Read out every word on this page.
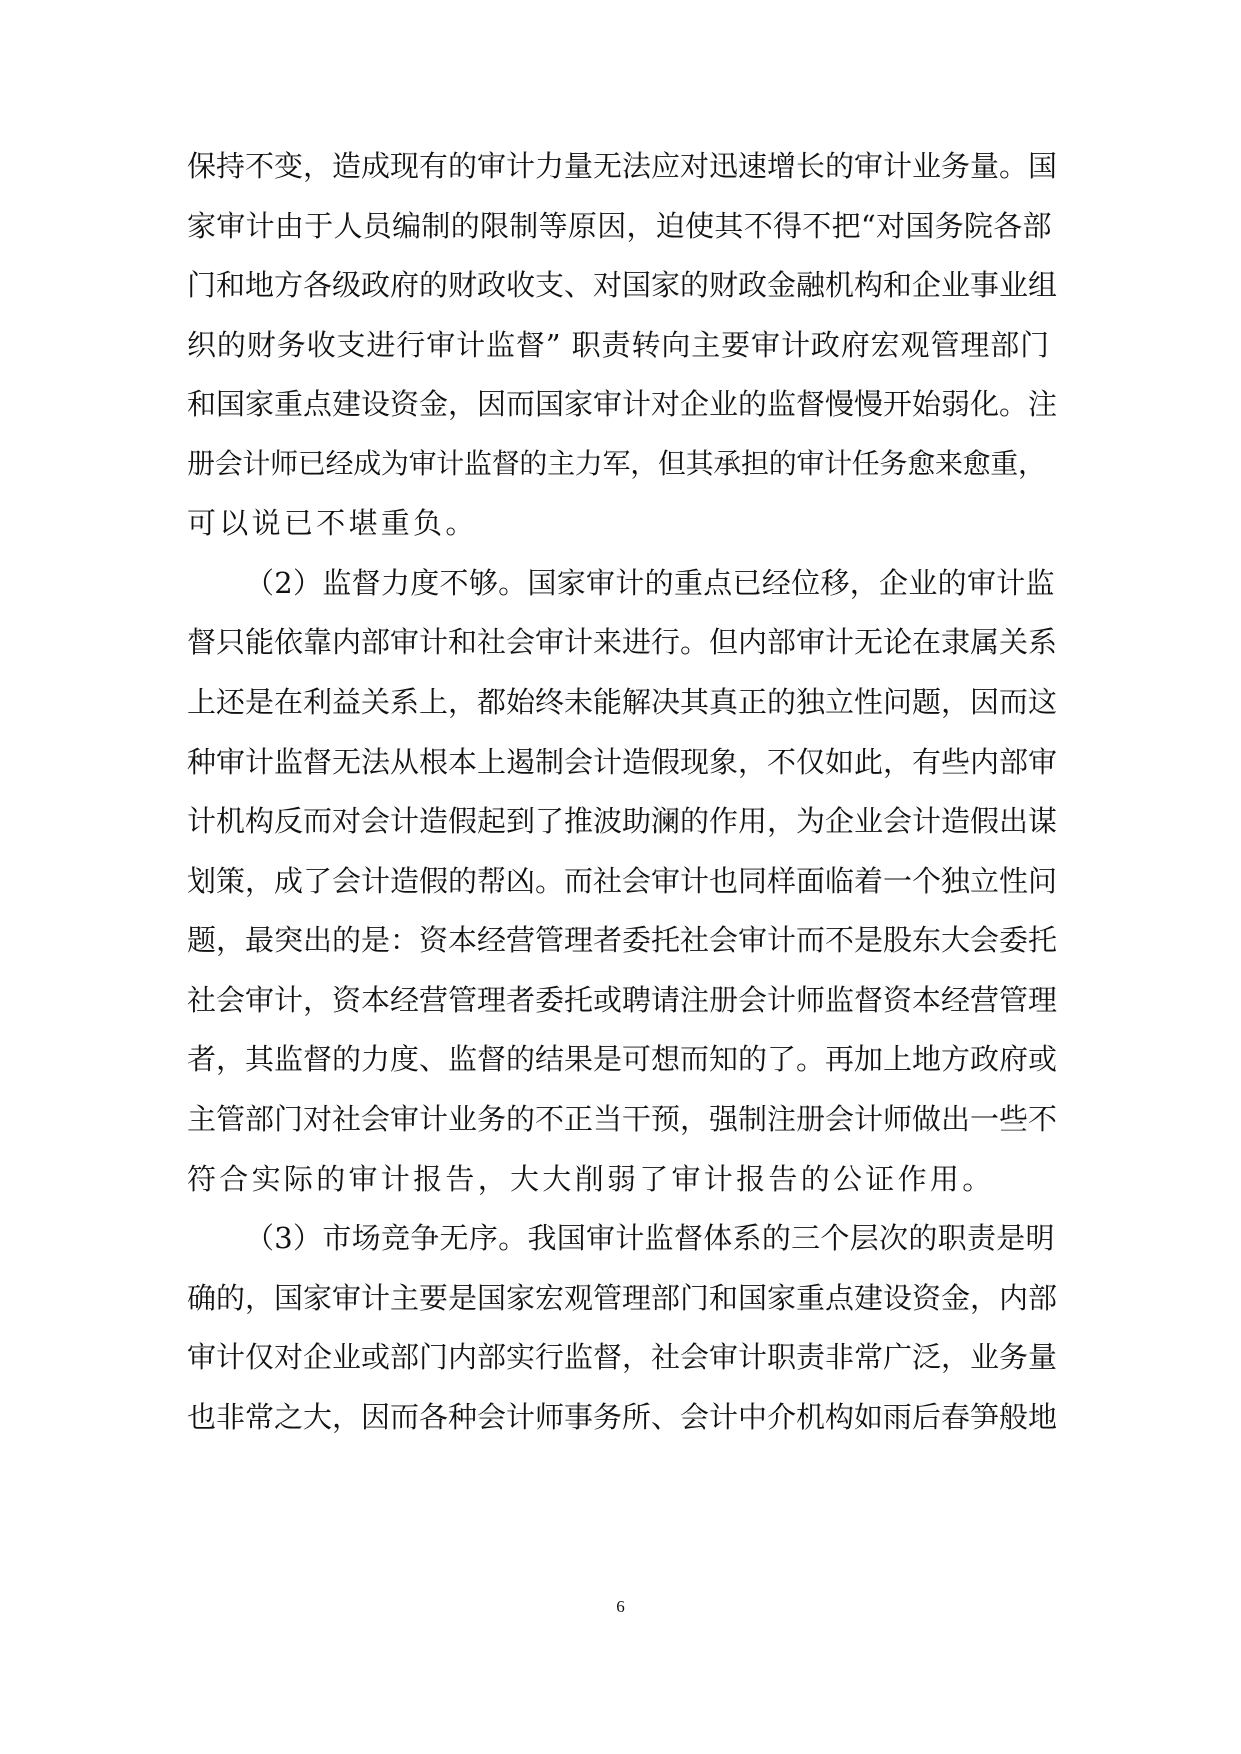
保持不变，造成现有的审计力量无法应对迅速增长的审计业务量。国
家审计由于人员编制的限制等原因，迫使其不得不把“对国务院各部
门和地方各级政府的财政收支、对国家的财政金融机构和企业事业组
织的财务收支进行审计监督” 职责转向主要审计政府宏观管理部门
和国家重点建设资金，因而国家审计对企业的监督慢慢开始弱化。注
册会计师已经成为审计监督的主力军，但其承担的审计任务愈来愈重，
可以说已不堪重负。
（2）监督力度不够。国家审计的重点已经位移，企业的审计监
督只能依靠内部审计和社会审计来进行。但内部审计无论在隶属关系
上还是在利益关系上，都始终未能解决其真正的独立性问题，因而这
种审计监督无法从根本上遏制会计造假现象，不仅如此，有些内部审
计机构反而对会计造假起到了推波助澜的作用，为企业会计造假出谋
划策，成了会计造假的帮凶。而社会审计也同样面临着一个独立性问
题，最突出的是：资本经营管理者委托社会审计而不是股东大会委托
社会审计，资本经营管理者委托或聘请注册会计师监督资本经营管理
者，其监督的力度、监督的结果是可想而知的了。再加上地方政府或
主管部门对社会审计业务的不正当干预，强制注册会计师做出一些不
符合实际的审计报告，大大削弱了审计报告的公证作用。
（3）市场竞争无序。我国审计监督体系的三个层次的职责是明
确的，国家审计主要是国家宏观管理部门和国家重点建设资金，内部
审计仅对企业或部门内部实行监督，社会审计职责非常广泛，业务量
也非常之大，因而各种会计师事务所、会计中介机构如雨后春笋般地
6
